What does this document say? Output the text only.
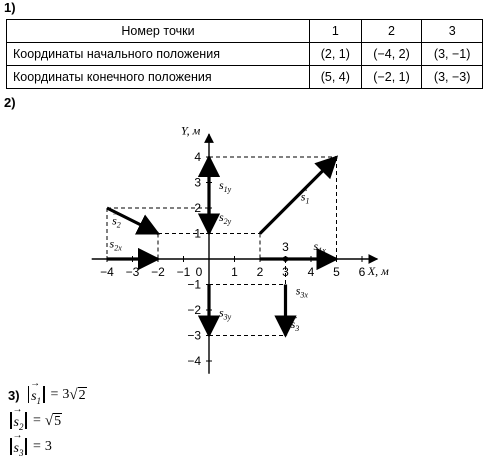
1)
Номер точки	1	2	3
Координаты начального положения	(2, 1)	(−4, 2)	(3, −1)
Координаты конечного положения	(5, 4)	(−2, 1)	(3, −3)
2)
−4 −3 −2 −1 0 1 2 3 4 5 6
4
3
2
1
−1
−2
−3
−4
Y, м
X, м
3
$s_1$
→
$s_2$
→
$s_3$
→
$s_{1x}$
$s_{1y}$
$s_{2x}$
$s_{2y}$
$s_{3x}$
$s_{3y}$
$3) \to s_1 = 3$ √ 2
→ $s_2$ = √ 5
→ $s_3 = 3$
